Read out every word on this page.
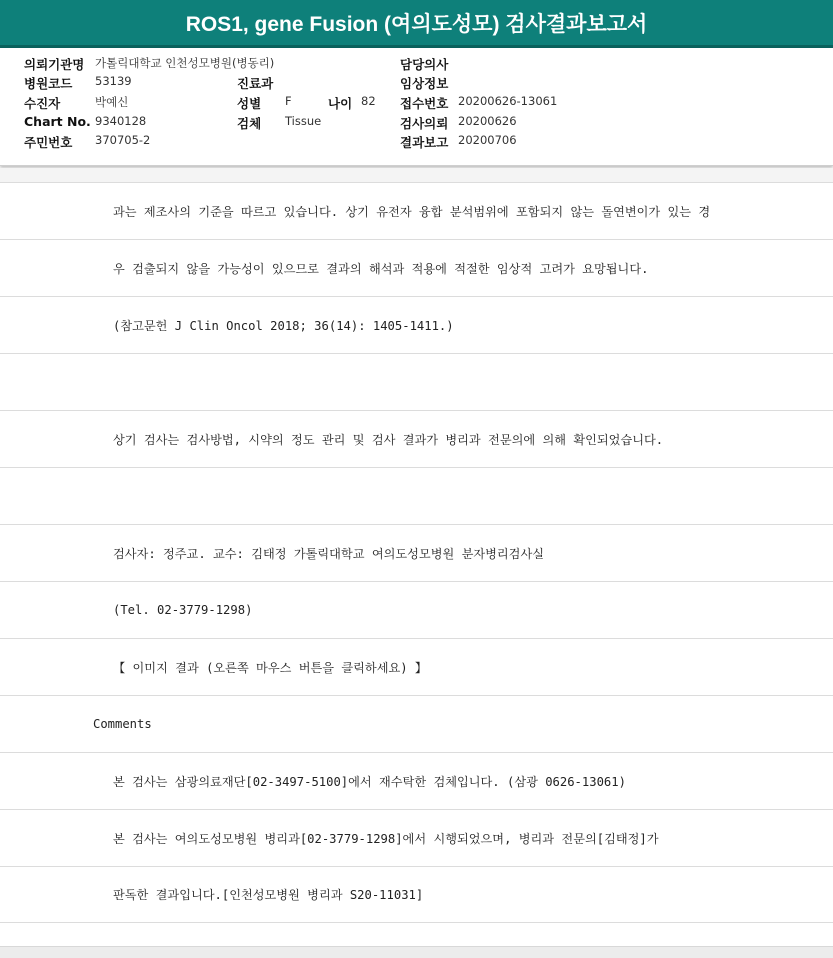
ROS1, gene Fusion (여의도성모) 검사결과보고서
의뢰기관명 가톨릭대학교 인천성모병원(병동리)	담당의사
병원코드 53139	진료과	임상정보
수진자	박예신	성별 F	나이 82 접수번호 20200626-13061
Chart No. 9340128	검체 Tissue	검사의뢰 20200626
주민번호 370705-2	결과보고 20200706
과는 제조사의 기준을 따르고 있습니다. 상기 유전자 융합 분석범위에 포함되지 않는 돌연변이가 있는 경
우 검출되지 않을 가능성이 있으므로 결과의 해석과 적용에 적절한 임상적 고려가 요망됩니다.
(참고문헌 J Clin Oncol 2018; 36(14): 1405-1411.)
상기 검사는 검사방법, 시약의 정도 관리 및 검사 결과가 병리과 전문의에 의해 확인되었습니다.
검사자: 정주교. 교수: 김태정 가톨릭대학교 여의도성모병원 분자병리검사실
(Tel. 02-3779-1298)
【 이미지 결과 (오른쪽 마우스 버튼을 클릭하세요) 】
Comments
본 검사는 삼광의료재단[02-3497-5100]에서 재수탁한 검체입니다. (삼광 0626-13061)
본 검사는 여의도성모병원 병리과[02-3779-1298]에서 시행되었으며, 병리과 전문의[김태정]가
판독한 결과입니다.[인천성모병원 병리과 S20-11031]
